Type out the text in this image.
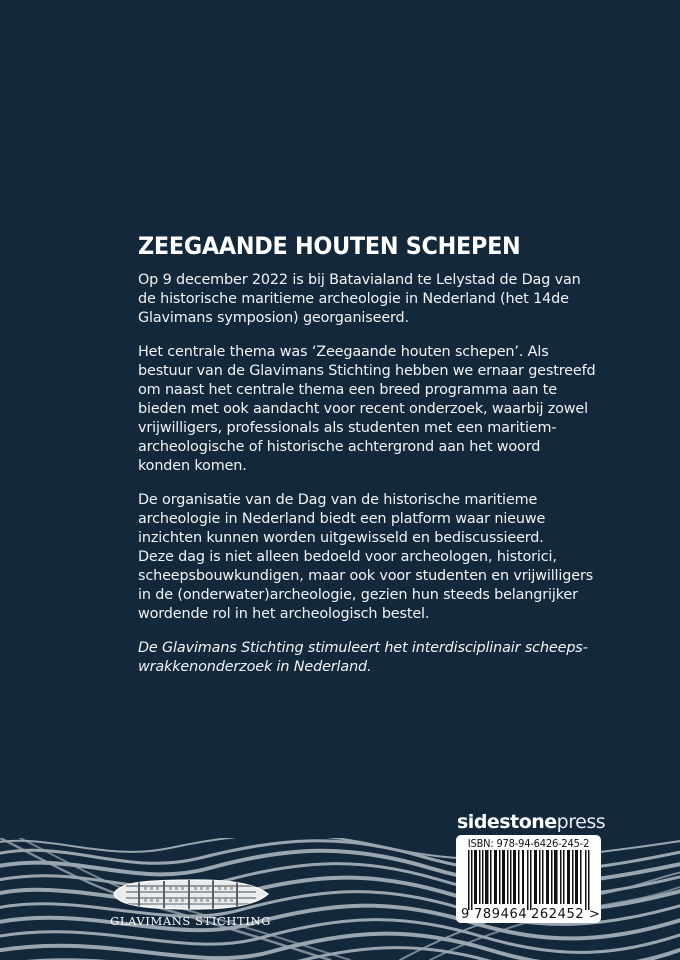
ZEEGAANDE HOUTEN SCHEPEN

Op 9 december 2022 is bij Batavialand te Lelystad de Dag van
de historische maritieme archeologie in Nederland (het 14de
Glavimans symposion) georganiseerd.

Het centrale thema was ‘Zeegaande houten schepen’. Als
bestuur van de Glavimans Stichting hebben we ernaar gestreefd
om naast het centrale thema een breed programma aan te
bieden met ook aandacht voor recent onderzoek, waarbij zowel
vrijwilligers, professionals als studenten met een maritiem-
archeologische of historische achtergrond aan het woord
konden komen.

De organisatie van de Dag van de historische maritieme
archeologie in Nederland biedt een platform waar nieuwe
inzichten kunnen worden uitgewisseld en bediscussieerd.
Deze dag is niet alleen bedoeld voor archeologen, historici,
scheepsbouwkundigen, maar ook voor studenten en vrijwilligers
in de (onderwater)archeologie, gezien hun steeds belangrijker
wordende rol in het archeologisch bestel.

De Glavimans Stichting stimuleert het interdisciplinair scheeps-
wrakkenonderzoek in Nederland.

GLAVIMANS STICHTING
sidestonepress
ISBN: 978-94-6426-245-2
9 789464 262452 >
